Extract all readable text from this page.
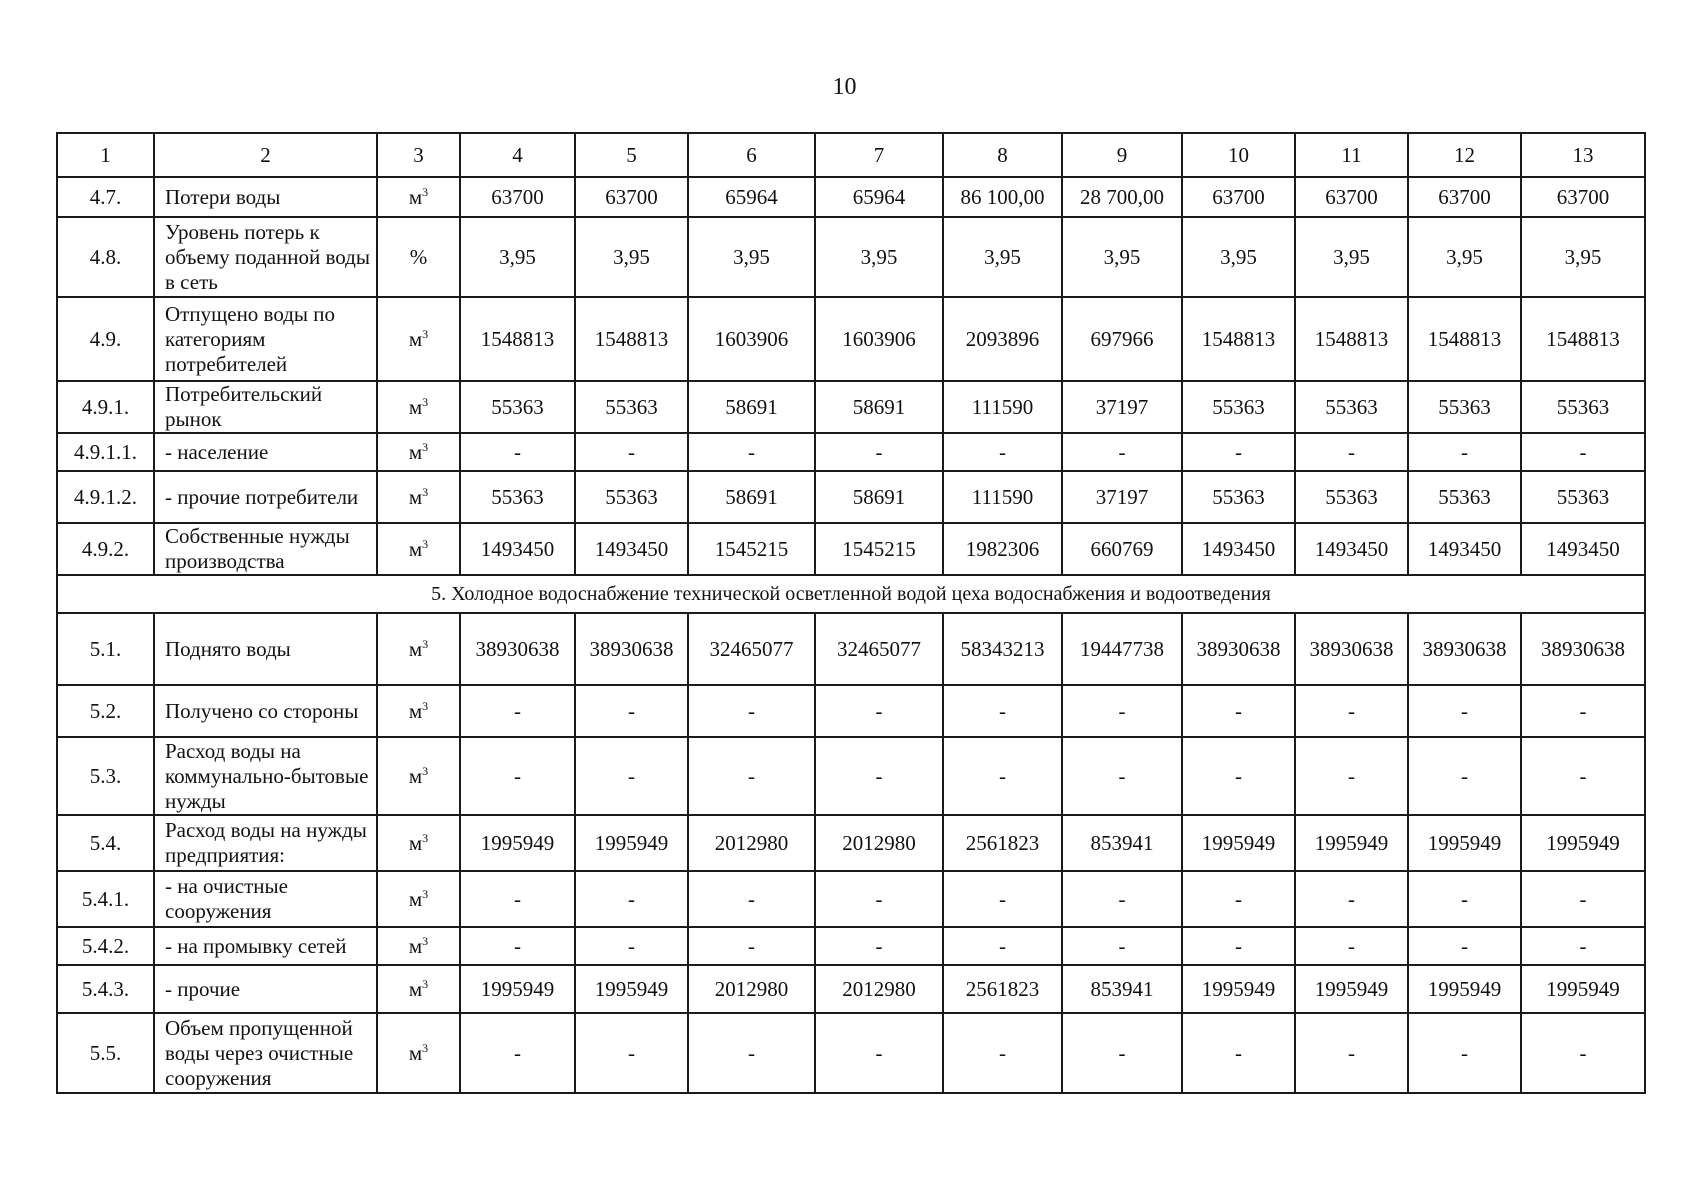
10
1	2	3	4	5	6	7	8	9	10	11	12	13
4.7.	Потери воды	$м^3$	63700	63700	65964	65964	86 100,00	28 700,00	63700	63700	63700	63700
4.8.	Уровень потерь к объему поданной воды в сеть	%	3,95	3,95	3,95	3,95	3,95	3,95	3,95	3,95	3,95	3,95
4.9.	Отпущено воды по категориям потребителей	$м^3$	1548813	1548813	1603906	1603906	2093896	697966	1548813	1548813	1548813	1548813
4.9.1.	Потребительский рынок	$м^3$	55363	55363	58691	58691	111590	37197	55363	55363	55363	55363
4.9.1.1.	- население	$м^3$	-	-	-	-	-	-	-	-	-	-
4.9.1.2.	- прочие потребители	$м^3$	55363	55363	58691	58691	111590	37197	55363	55363	55363	55363
4.9.2.	Собственные нужды производства	$м^3$	1493450	1493450	1545215	1545215	1982306	660769	1493450	1493450	1493450	1493450
5. Холодное водоснабжение технической осветленной водой цеха водоснабжения и водоотведения												
5.1.	Поднято воды	$м^3$	38930638	38930638	32465077	32465077	58343213	19447738	38930638	38930638	38930638	38930638
5.2.	Получено со стороны	$м^3$	-	-	-	-	-	-	-	-	-	-
5.3.	Расход воды на коммунально-бытовые нужды	$м^3$	-	-	-	-	-	-	-	-	-	-
5.4.	Расход воды на нужды предприятия:	$м^3$	1995949	1995949	2012980	2012980	2561823	853941	1995949	1995949	1995949	1995949
5.4.1.	- на очистные сооружения	$м^3$	-	-	-	-	-	-	-	-	-	-
5.4.2.	- на промывку сетей	$м^3$	-	-	-	-	-	-	-	-	-	-
5.4.3.	- прочие	$м^3$	1995949	1995949	2012980	2012980	2561823	853941	1995949	1995949	1995949	1995949
5.5.	Объем пропущенной воды через очистные сооружения	$м^3$	-	-	-	-	-	-	-	-	-	-
